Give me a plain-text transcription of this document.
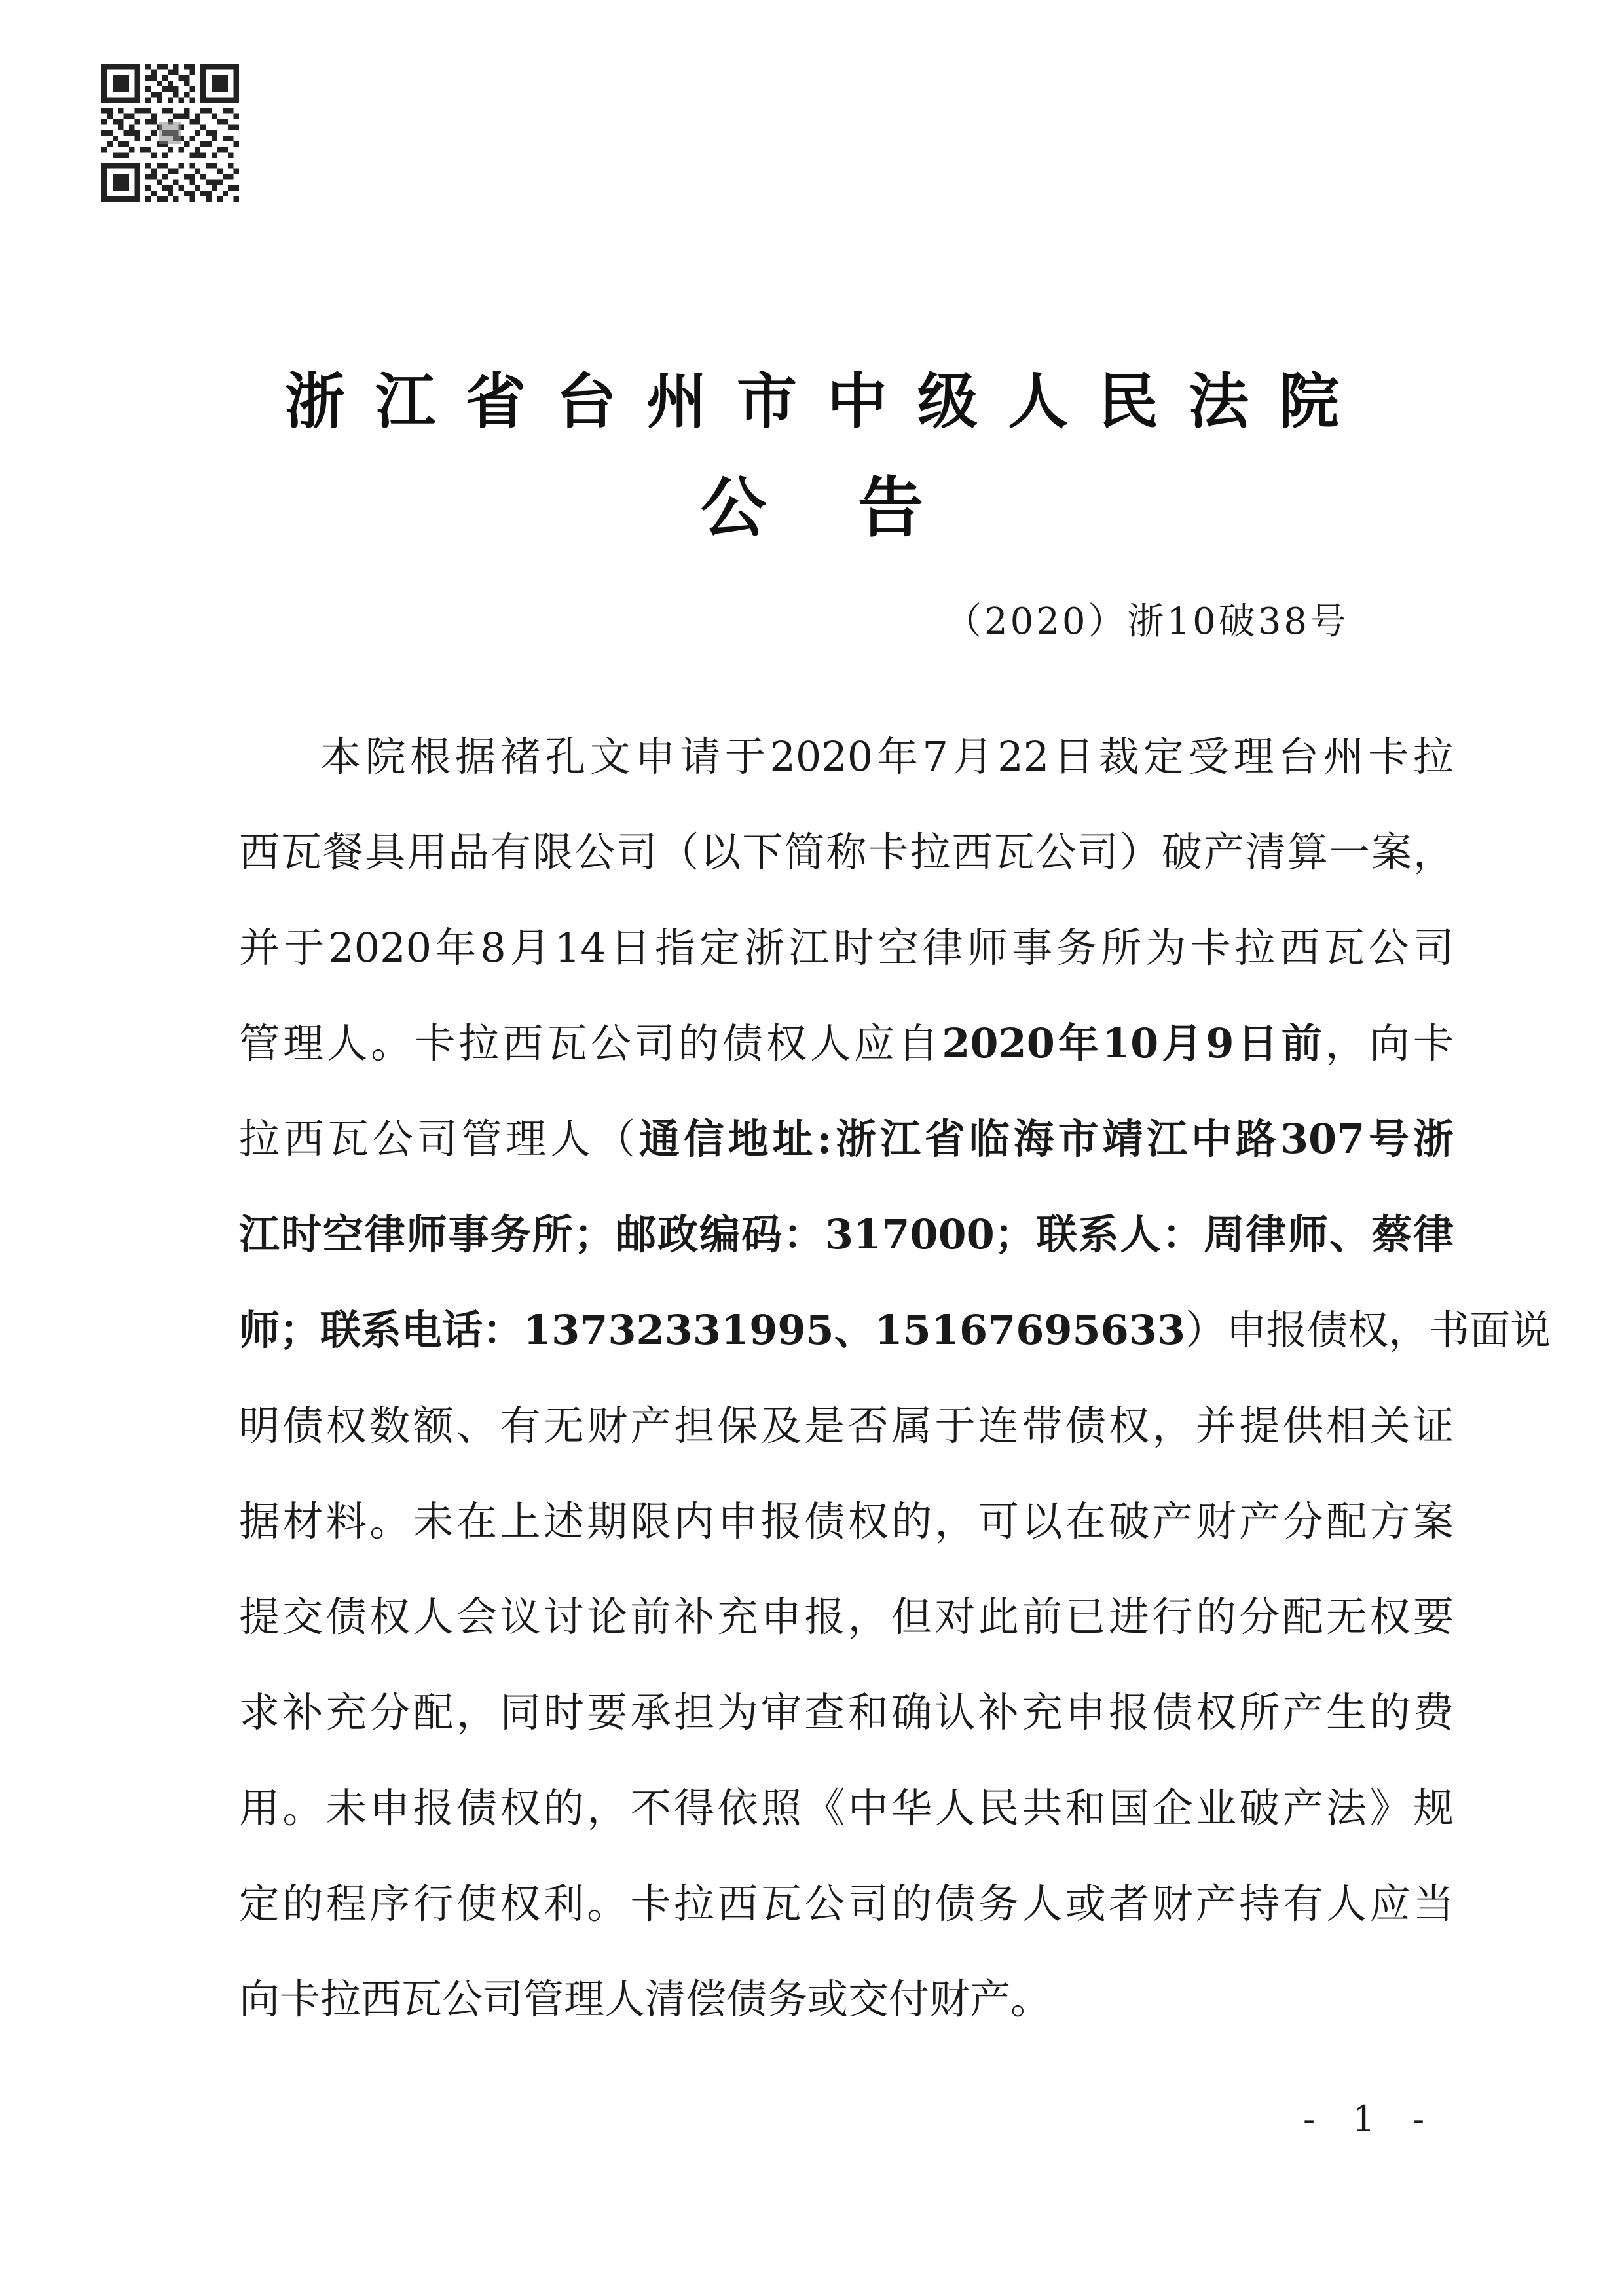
浙江省台州市中级人民法院
公告
（2020）浙10破38号
本院根据褚孔文申请于2020年7月22日裁定受理台州卡拉
西瓦餐具用品有限公司（以下简称卡拉西瓦公司）破产清算一案，
并于2020年8月14日指定浙江时空律师事务所为卡拉西瓦公司
管理人。卡拉西瓦公司的债权人应自2020年10月9日前，向卡
拉西瓦公司管理人（通信地址:浙江省临海市靖江中路307号浙
江时空律师事务所；邮政编码：317000；联系人：周律师、蔡律
师；联系电话：13732331995、15167695633）申报债权，书面说
明债权数额、有无财产担保及是否属于连带债权，并提供相关证
据材料。未在上述期限内申报债权的，可以在破产财产分配方案
提交债权人会议讨论前补充申报，但对此前已进行的分配无权要
求补充分配，同时要承担为审查和确认补充申报债权所产生的费
用。未申报债权的，不得依照《中华人民共和国企业破产法》规
定的程序行使权利。卡拉西瓦公司的债务人或者财产持有人应当
向卡拉西瓦公司管理人清偿债务或交付财产。
- 1 -
